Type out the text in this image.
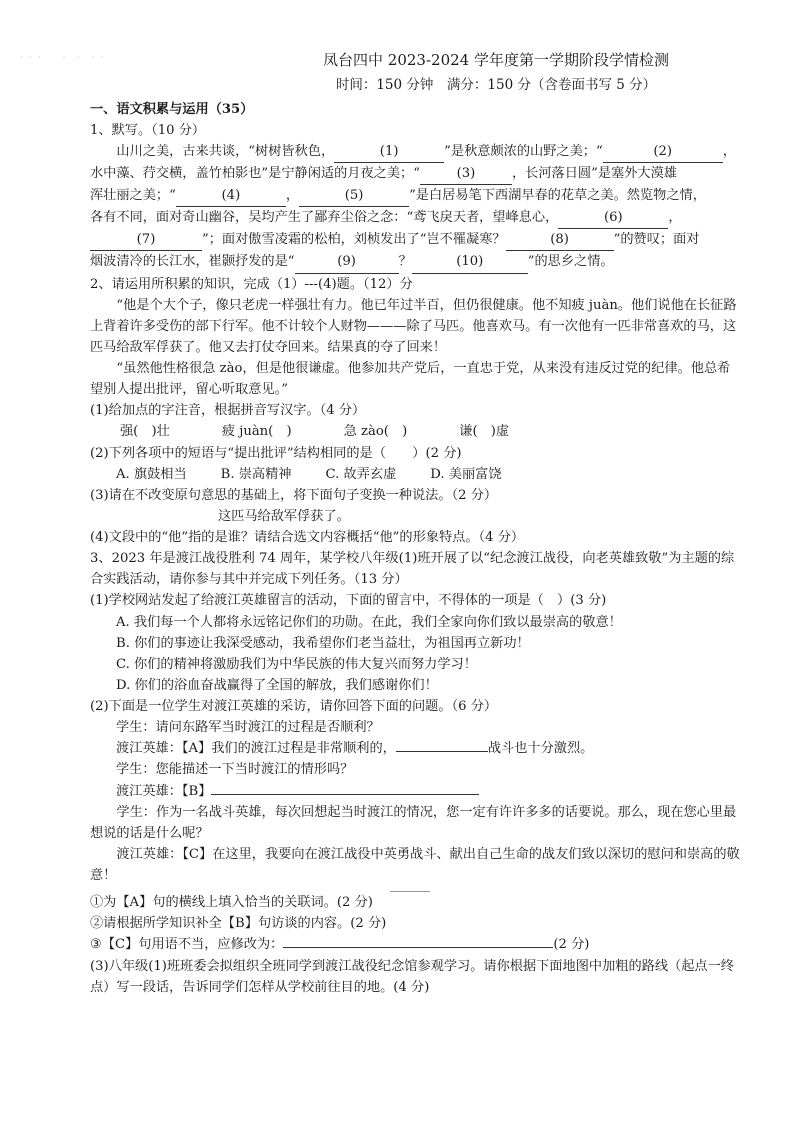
· · ·　　·　·　· ·	凤台四中 2023-2024 学年度第一学期阶段学情检测
时间：150 分钟　满分：150 分（含卷面书写 5 分）
一、语文积累与运用（35）
1、默写。（10 分）
山川之美，古来共谈，“树树皆秋色，	(1)	”是秋意颇浓的山野之美；“	(2)	，
水中藻、荇交横，盖竹柏影也”是宁静闲适的月夜之美；“	(3)	，长河落日圆”是塞外大漠雄
浑壮丽之美；“	(4)	，	(5)	”是白居易笔下西湖早春的花草之美。然览物之情，
各有不同，面对奇山幽谷，吴均产生了鄙弃尘俗之念：“鸢飞戾天者，望峰息心，	(6)	，
(7)	”；面对傲雪凌霜的松柏，刘桢发出了“岂不罹凝寒？	(8)	”的赞叹；面对
烟波清冷的长江水，崔颢抒发的是“	(9)	？	(10)	”的思乡之情。
2、请运用所积累的知识，完成（1）---(4)题。（12）分
“他是个大个子，像只老虎一样强壮有力。他已年过半百，但仍很健康。他不知疲 juàn。他们说他在长征路上背着许多受伤的部下行军。他不计较个人财物———除了马匹。他喜欢马。有一次他有一匹非常喜欢的马，这匹马给敌军俘获了。他又去打仗夺回来。结果真的夺了回来！
“虽然他性格很急 zào，但是他很谦虚。他参加共产党后，一直忠于党，从来没有违反过党的纪律。他总希望别人提出批评，留心听取意见。”
(1)给加点的字注音，根据拼音写汉字。（4 分）
强(　)壮	疲 juàn(　)	急 zào(　)	谦(　)虚
(2)下列各项中的短语与“提出批评”结构相同的是（　　）(2 分)
A. 旗鼓相当	B. 崇高精神	C. 故弄玄虚	D. 美丽富饶
(3)请在不改变原句意思的基础上，将下面句子变换一种说法。（2 分）
这匹马给敌军俘获了。
(4)文段中的“他”指的是谁？请结合选文内容概括“他”的形象特点。（4 分）
3、2023 年是渡江战役胜利 74 周年，某学校八年级(1)班开展了以“纪念渡江战役，向老英雄致敬”为主题的综合实践活动，请你参与其中并完成下列任务。（13 分）
(1)学校网站发起了给渡江英雄留言的活动，下面的留言中，不得体的一项是（　）(3 分)
A. 我们每一个人都将永远铭记你们的功勋。在此，我们全家向你们致以最崇高的敬意！
B. 你们的事迹让我深受感动，我希望你们老当益壮，为祖国再立新功！
C. 你们的精神将激励我们为中华民族的伟大复兴而努力学习！
D. 你们的浴血奋战赢得了全国的解放，我们感谢你们！
(2)下面是一位学生对渡江英雄的采访，请你回答下面的问题。（6 分）
学生：请问东路军当时渡江的过程是否顺利？
渡江英雄：【A】我们的渡江过程是非常顺利的，	战斗也十分激烈。
学生：您能描述一下当时渡江的情形吗？
渡江英雄：【B】
学生：作为一名战斗英雄，每次回想起当时渡江的情况，您一定有许许多多的话要说。那么，现在您心里最想说的话是什么呢？
渡江英雄：【C】在这里，我要向在渡江战役中英勇战斗、献出自己生命的战友们致以深切的慰问和崇高的敬意！
①为【A】句的横线上填入恰当的关联词。(2 分)
②请根据所学知识补全【B】句访谈的内容。(2 分)
③【C】句用语不当，应修改为：	(2 分)
(3)八年级(1)班班委会拟组织全班同学到渡江战役纪念馆参观学习。请你根据下面地图中加粗的路线（起点一终点）写一段话，告诉同学们怎样从学校前往目的地。(4 分)
